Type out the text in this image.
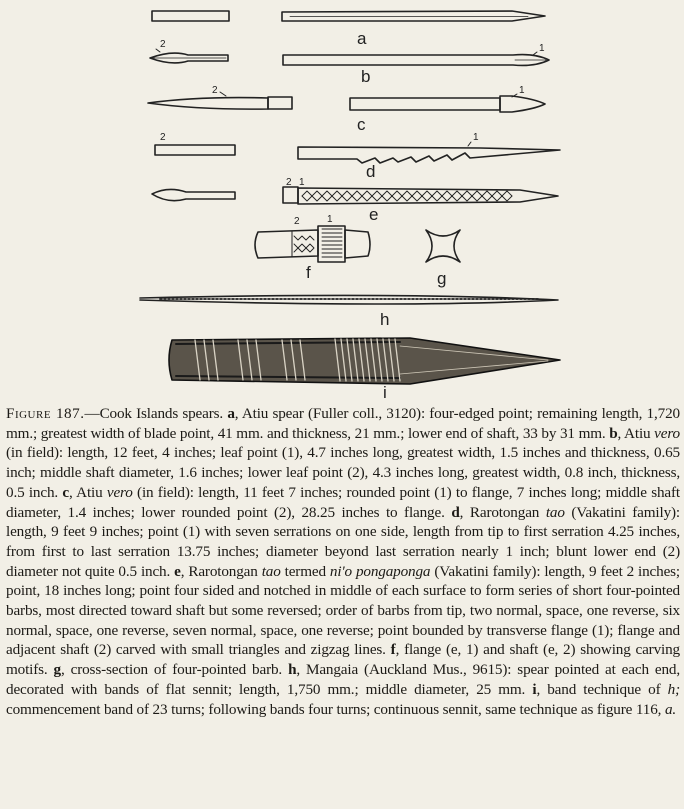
a
2	1
b
2	1
c
2	1
d
2 1
e
2	1
f	g
h
i
Figure 187.—Cook Islands spears. a, Atiu spear (Fuller coll., 3120): four-edged point; remaining length, 1,720 mm.; greatest width of blade point, 41 mm. and thickness, 21 mm.; lower end of shaft, 33 by 31 mm. b, Atiu vero (in field): length, 12 feet, 4 inches; leaf point (1), 4.7 inches long, greatest width, 1.5 inches and thickness, 0.65 inch; middle shaft diameter, 1.6 inches; lower leaf point (2), 4.3 inches long, greatest width, 0.8 inch, thickness, 0.5 inch. c, Atiu vero (in field): length, 11 feet 7 inches; rounded point (1) to flange, 7 inches long; middle shaft diameter, 1.4 inches; lower rounded point (2), 28.25 inches to flange. d, Rarotongan tao (Vakatini family): length, 9 feet 9 inches; point (1) with seven serrations on one side, length from tip to first serration 4.25 inches, from first to last serration 13.75 inches; diameter beyond last serration nearly 1 inch; blunt lower end (2) diameter not quite 0.5 inch. e, Rarotongan tao termed ni'o pongaponga (Vakatini family): length, 9 feet 2 inches; point, 18 inches long; point four sided and notched in middle of each surface to form series of short four-pointed barbs, most directed toward shaft but some reversed; order of barbs from tip, two normal, space, one reverse, six normal, space, one reverse, seven normal, space, one reverse; point bounded by transverse flange (1); flange and adjacent shaft (2) carved with small triangles and zigzag lines. f, flange (e, 1) and shaft (e, 2) showing carving motifs. g, cross-section of four-pointed barb. h, Mangaia (Auckland Mus., 9615): spear pointed at each end, decorated with bands of flat sennit; length, 1,750 mm.; middle diameter, 25 mm. i, band technique of h; commencement band of 23 turns; following bands four turns; continuous sennit, same technique as figure 116, a.
